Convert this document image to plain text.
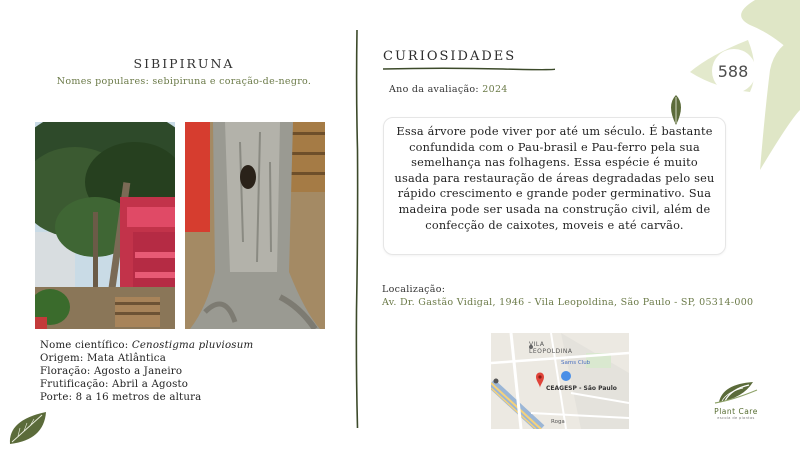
SIBIPIRUNA
Nomes populares: sebipiruna e coração-de-negro.
Nome científico: Cenostigma pluviosum
Origem: Mata Atlântica
Floração: Agosto a Janeiro
Frutificação: Abril a Agosto
Porte: 8 a 16 metros de altura
CURIOSIDADES
Ano da avaliação: 2024
Essa árvore pode viver por até um século. É bastante confundida com o Pau-brasil e Pau-ferro pela sua semelhança nas folhagens. Essa espécie é muito usada para restauração de áreas degradadas pelo seu rápido crescimento e grande poder germinativo. Sua madeira pode ser usada na construção civil, além de confecção de caixotes, moveis e até carvão.
Localização:
Av. Dr. Gastão Vidigal, 1946 - Vila Leopoldina, São Paulo - SP, 05314-000
VILA LEOPOLDINA
Sams Club
CEAGESP - São Paulo
Roga
588
Plant Care
escola de plantas
